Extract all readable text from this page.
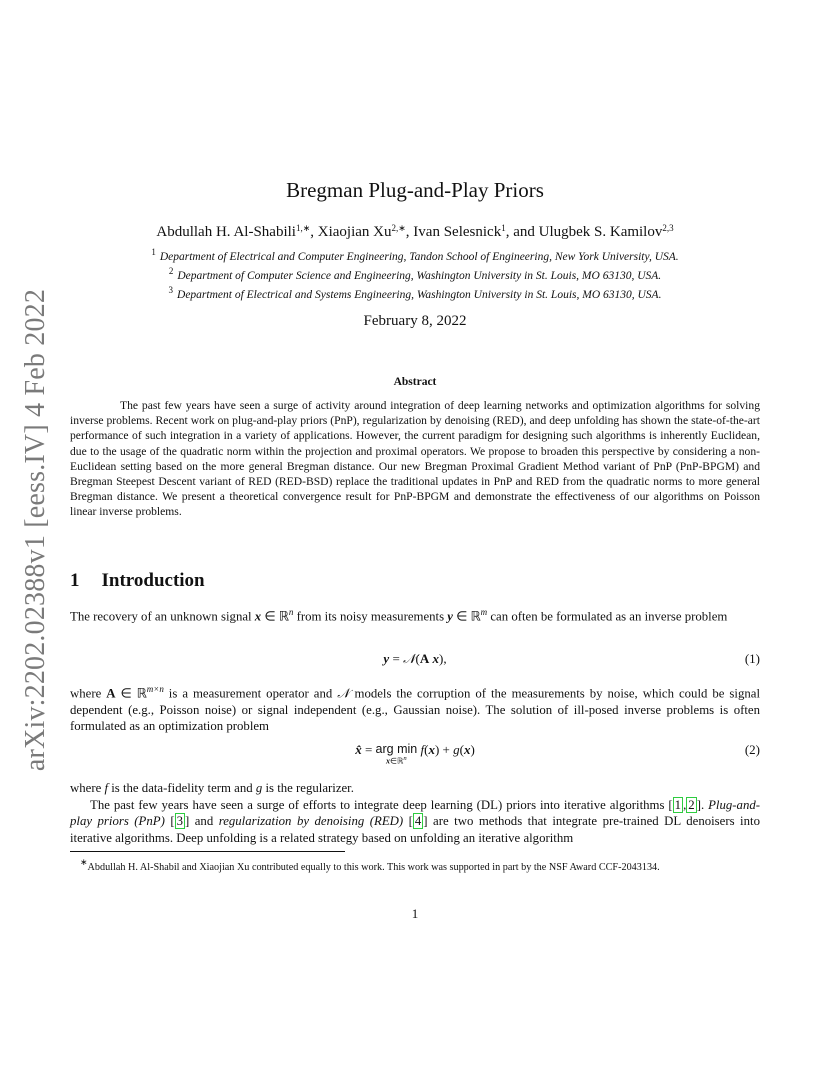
arXiv:2202.02388v1 [eess.IV] 4 Feb 2022
Bregman Plug-and-Play Priors
Abdullah H. Al-Shabili$^{1,∗}$, Xiaojian $Xu^{2,∗}$, Ivan Selesnick$^1$, and Ulugbek S. Kamilov$^{2,3}$
$^1$ Department of Electrical and Computer Engineering, Tandon School of Engineering, New York University, USA.
$^2$ Department of Computer Science and Engineering, Washington University in St. Louis, MO 63130, USA.
$^3$ Department of Electrical and Systems Engineering, Washington University in St. Louis, MO 63130, USA.
February 8, 2022
Abstract

The past few years have seen a surge of activity around integration of deep learning networks and optimization algorithms for solving inverse problems. Recent work on plug-and-play priors (PnP), regularization by denoising (RED), and deep unfolding has shown the state-of-the-art performance of such integration in a variety of applications. However, the current paradigm for designing such algorithms is inherently Euclidean, due to the usage of the quadratic norm within the projection and proximal operators. We propose to broaden this perspective by considering a non-Euclidean setting based on the more general Bregman distance. Our new Bregman Proximal Gradient Method variant of PnP (PnP-BPGM) and Bregman Steepest Descent variant of RED (RED-BSD) replace the traditional updates in PnP and RED from the quadratic norms to more general Bregman distance. We present a theoretical convergence result for PnP-BPGM and demonstrate the effectiveness of our algorithms on Poisson linear inverse problems.

1 Introduction

The recovery of an unknown signal x ∈ ℝ$^n$ from its noisy measurements y ∈ ℝ$^m$ can often be formulated as an inverse problem

y = 𝒩(A x),	(1)

where A ∈ ℝ$^{m\times n}$ is a measurement operator and 𝒩 models the corruption of the measurements by noise, which could be signal dependent (e.g., Poisson noise) or signal independent (e.g., Gaussian noise). The solution of ill-posed inverse problems is often formulated as an optimization problem

x̂ = arg min
x∈ℝ$^n$
f(x) + g(x)	(2)

where f is the data-fidelity term and g is the regularizer.

The past few years have seen a surge of efforts to integrate deep learning (DL) priors into iterative algorithms [ 1 , 2 ]. Plug-and-play priors (PnP) [ 3 ] and regularization by denoising (RED) [ 4 ] are two methods that integrate pre-trained DL denoisers into iterative algorithms. Deep unfolding is a related strategy based on unfolding an iterative algorithm

∗Abdullah H. Al-Shabil and Xiaojian Xu contributed equally to this work. This work was supported in part by the NSF Award CCF-2043134.

1
